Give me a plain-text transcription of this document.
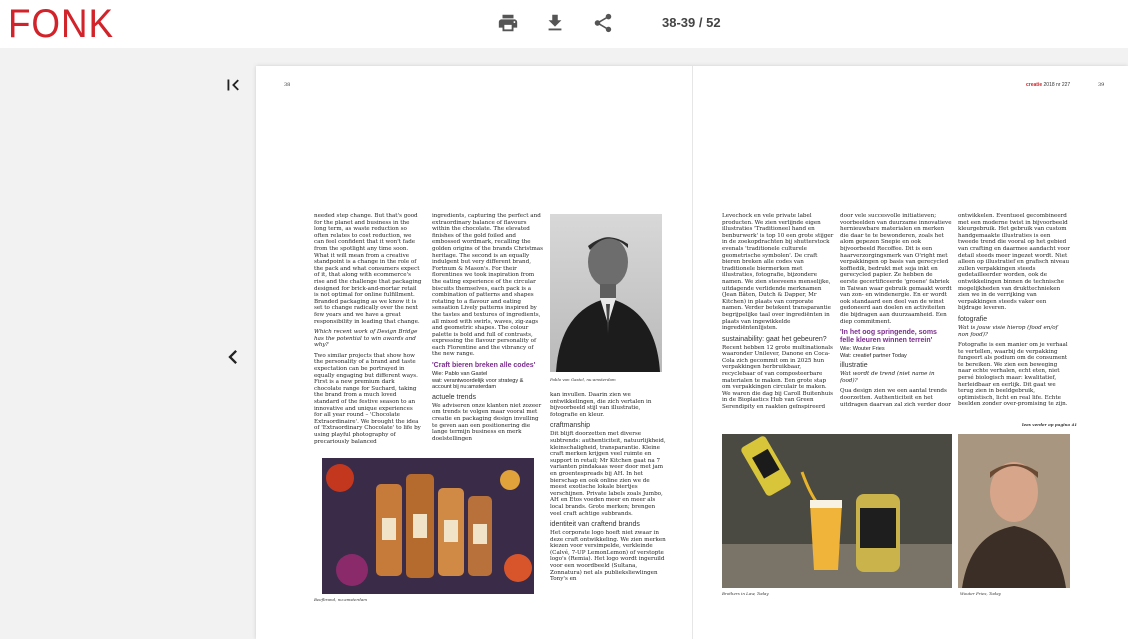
FONK	38-39 / 52
38

needed step change. But that's good for the planet and business in the long term, as waste reduction so often relates to cost reduction, we can feel confident that it won't fade from the spotlight any time soon. What it will mean from a creative standpoint is a change in the role of the pack and what consumers expect of it, that along with ecommerce's rise and the challenge that packaging designed for brick-and-mortar retail is not optimal for online fulfillment. Branded packaging as we know it is set to change radically over the next few years and we have a great responsibility in leading that change.

Which recent work of Design Bridge has the potential to win awards and why?

Two similar projects that show how the personality of a brand and taste expectation can be portrayed in equally engaging but different ways. First is a new premium dark chocolate range for Suchard, taking the brand from a much loved standard of the festive season to an innovative and unique experiences for all year round – 'Chocolate Extraordinaire'. We brought the idea of 'Extraordinary Chocolate' to life by using playful photography of precariously balanced

ingredients, capturing the perfect and extraordinary balance of flavours within the chocolate. The elevated finishes of the gold foiled and embossed wordmark, recalling the golden origins of the brands Christmas heritage. The second is an equally indulgent but very different brand, Fortnum & Mason's. For their florentines we took inspiration from the eating experience of the circular biscuits themselves, each pack is a combination of patterns and shapes rotating to a flavour and eating sensation Lively patterns inspired by the tastes and textures of ingredients, all mixed with swirls, waves, zig-zags and geometric shapes. The colour palette is bold and full of contrasts, expressing the flavour personality of each Florentine and the vibrancy of the new range.

'Craft bieren breken alle codes'
Wie: Pablo van Gastel
wat: verantwoordelijk voor strategy & account bij nu:amsterdam
actuele trends

We adviseren onze klanten niet zozeer om trends te volgen maar vooral met creatie en packaging design invulling te geven aan een positionering die lange termijn business en merk doelstellingen

Pablo van Gastel, nu:amsterdam

kan invullen. Daarin zien we ontwikkelingen, die zich vertalen in bijvoorbeeld stijl van illustratie, fotografie en kleur.

craftmanship

Dit blijft doorzetten met diverse subtrends: authenticiteit, natuurlijkheid, kleinschaligheid, transparantie. Kleine craft merken krijgen veel ruimte en support in retail; Mr Kitchen gaat na 7 varianten pindakaas weer door met jam en groentespreads bij AH. In het bierschap en ook online zien we de meest exotische lokale biertjes verschijnen. Private labels zoals Jumbo, AH en Etos voeden meer en meer als local brands. Grote merken; brengen veel craft achtige subbrands.

identiteit van craftend brands

Het corporate logo hoeft niet zwaar in deze craft ontwikkeling. We zien merken kiezen voor versimpelde, verkleinde (Calvé, 7-UP LemonLemon) of verstopte logo's (Remia). Het logo wordt ingeruild voor een woordbeeld (Sultana, Zonnatura) net als publieksliewlingen Tony's en

Beefbrand, nu:amsterdam
creatie 2018 nr 227	39

Levechock en vele private label producten. We zien verlijnde eigen illustraties 'Traditioneel hand en benburwerk' is top 10 een grote stijger in de zoekopdrachten bij shutterstock evenals 'traditionele culturele geometrische symbolen'. De craft bieren breken alle codes van traditionele biermerken met illustraties, fotografie, bijzondere namen. We zien steeveens menselijke, uitdagende verlidende merknamen (Jean Bâten, Dutch & Dapper, Mr Kitchen) in plaats van corporate namen. Verder betekent transparantie begrijpelijke taal over ingrediënten in plaats van ingewikkelde ingrediëntenlijsten.

sustainability: gaat het gebeuren?

Recent hebben 12 grote multinationals waaronder Unilever, Danone en Coca-Cola zich gecommit om in 2025 hun verpakkingen herbruikbaar, recyclebaar of van composteerbare materialen te maken. Een grote stap om verpakkingen circulair te maken. We waren die dag bij Caroll Buitenhuis in de Bioplastics Hub van Green Serendipity en raakten geïnspireerd

door vele succesvolle initiatieven; voorbeelden van duurzame innovatieve hernieuwbare materialen en merken die daar te te bewonderen, zoals het alom gepezen Snepie en ook bijvoorbeeld Recoffee. Dit is een haarverzorgingsmerk van O'right met verpakkingen op basis van gerecycled koffiedik, bedrukt met soja inkt en gerecycled papier. Ze hebben de eerste gecertificeerde 'groene' fabriek in Taiwan waar gebruik gemaakt wordt van zon- en windenergie. En er wordt ook standaard een deel van de winst gedoneerd aan doelen en activiteiten die bijdragen aan duurzaamheid. Een diep commitment.

'In het oog springende, soms felle kleuren winnen terrein'
Wie: Wouter Fries
Wat: creatief partner Today
illustratie

Wat wordt de trend (niet name in food)?

Qua design zien we een aantal trends doorzetten. Authenticiteit en het uitdragen daarvan zal zich verder door

ontwikkelen. Eventueel gecombineerd met een moderne twist in bijvoorbeeld kleurgebruik. Het gebruik van custom handgemaakte illustraties is een tweede trend die vooral op het gebied van crafting en daarmee aandacht voor detail steeds meer ingezet wordt. Niet alleen op illustratief en grafisch niveau zullen verpakkingen steeds gedetailleerder worden, ook de ontwikkelingen binnen de technische mogelijkheden van drukttechnieken zien we in de verrijking van verpakkingen steeds vaker een bijdrage leveren.

fotografie

Wat is jouw visie hierop (food en/of non food)?

Fotografie is een manier om je verhaal te vertellen, waarbij de verpakking fungeert als podium om de consument te bereiken. We zien een beweging naar echte verhalen, echt eten, niet persé biologisch maar: kwalitatief, herleidbaar en eerlijk. Dit gaat we terug zien in beeldgebruik, optimistisch, licht en real life. Echte beelden zonder over-promising te zijn.

lees verder op pagina 41
Brothers in Law, Today	Wouter Fries, Today
